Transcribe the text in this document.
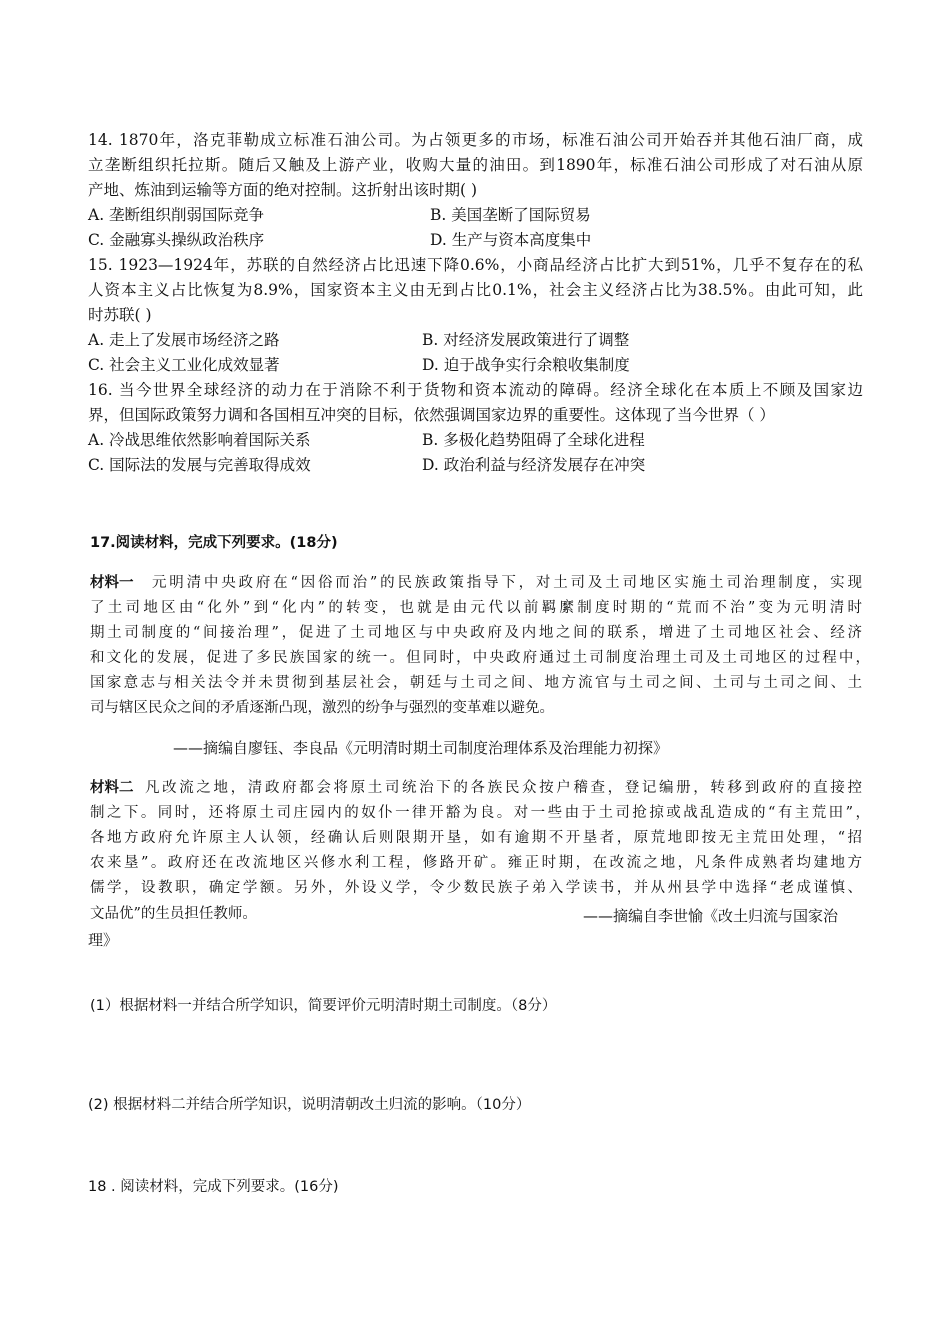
14. 1870年，洛克菲勒成立标准石油公司。为占领更多的市场，标准石油公司开始吞并其他石油厂商，成
立垄断组织托拉斯。随后又触及上游产业，收购大量的油田。到1890年，标准石油公司形成了对石油从原
产地、炼油到运输等方面的绝对控制。这折射出该时期( )
A. 垄断组织削弱国际竞争	B. 美国垄断了国际贸易
C. 金融寡头操纵政治秩序	D. 生产与资本高度集中
15. 1923—1924年，苏联的自然经济占比迅速下降0.6%，小商品经济占比扩大到51%，几乎不复存在的私
人资本主义占比恢复为8.9%，国家资本主义由无到占比0.1%，社会主义经济占比为38.5%。由此可知，此
时苏联( )
A. 走上了发展市场经济之路	B. 对经济发展政策进行了调整
C. 社会主义工业化成效显著	D. 迫于战争实行余粮收集制度
16. 当今世界全球经济的动力在于消除不利于货物和资本流动的障碍。经济全球化在本质上不顾及国家边
界，但国际政策努力调和各国相互冲突的目标，依然强调国家边界的重要性。这体现了当今世界（ ）
A. 冷战思维依然影响着国际关系	B. 多极化趋势阻碍了全球化进程
C. 国际法的发展与完善取得成效	D. 政治利益与经济发展存在冲突
17.阅读材料，完成下列要求。(18分)
材料一 元明清中央政府在“因俗而治”的民族政策指导下，对土司及土司地区实施土司治理制度，实现
了土司地区由“化外”到“化内”的转变，也就是由元代以前羁縻制度时期的“荒而不治”变为元明清时
期土司制度的“间接治理”，促进了土司地区与中央政府及内地之间的联系，增进了土司地区社会、经济
和文化的发展，促进了多民族国家的统一。但同时，中央政府通过土司制度治理土司及土司地区的过程中，
国家意志与相关法令并未贯彻到基层社会，朝廷与土司之间、地方流官与土司之间、土司与土司之间、土
司与辖区民众之间的矛盾逐渐凸现，激烈的纷争与强烈的变革难以避免。
——摘编自廖钰、李良品《元明清时期土司制度治理体系及治理能力初探》
材料二 凡改流之地，清政府都会将原土司统治下的各族民众按户稽查，登记编册，转移到政府的直接控
制之下。同时，还将原土司庄园内的奴仆一律开豁为良。对一些由于土司抢掠或战乱造成的“有主荒田”，
各地方政府允许原主人认领，经确认后则限期开垦，如有逾期不开垦者，原荒地即按无主荒田处理，“招
农来垦”。政府还在改流地区兴修水利工程，修路开矿。雍正时期，在改流之地，凡条件成熟者均建地方
儒学，设教职，确定学额。另外，外设义学，令少数民族子弟入学读书，并从州县学中选择“老成谨慎、
文品优”的生员担任教师。	——摘编自李世愉《改土归流与国家治
理》
(1）根据材料一并结合所学知识，简要评价元明清时期土司制度。（8分）
(2) 根据材料二并结合所学知识，说明清朝改土归流的影响。（10分）
18 . 阅读材料，完成下列要求。(16分)
